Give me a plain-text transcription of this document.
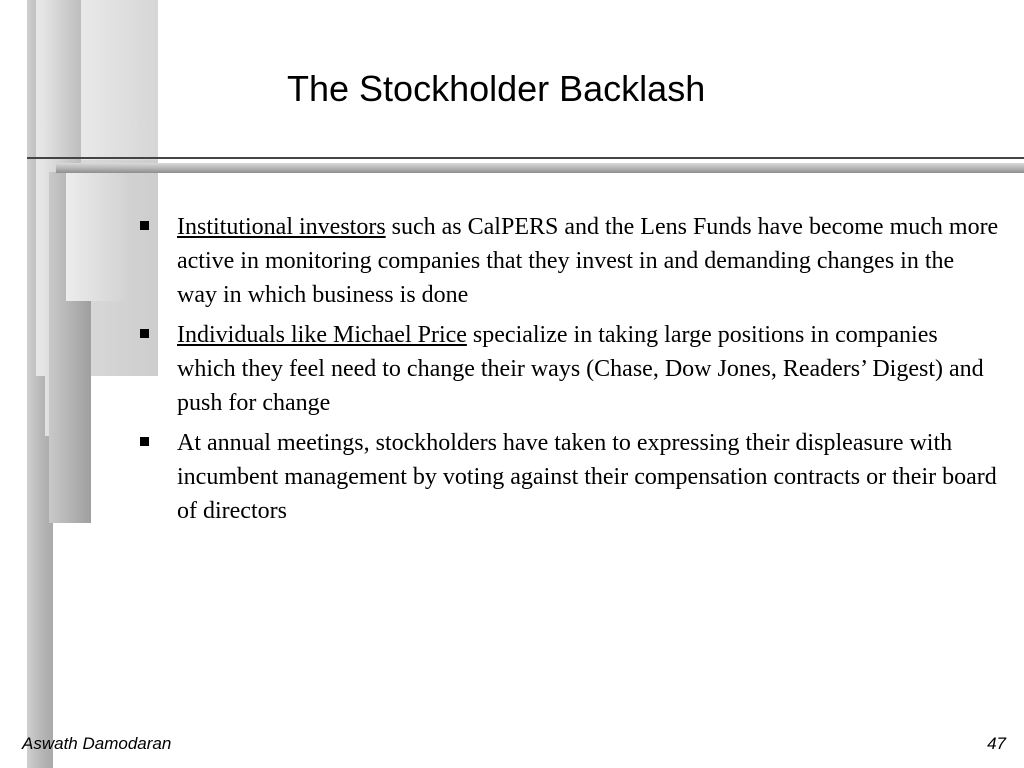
The Stockholder Backlash
Institutional investors such as CalPERS and the Lens Funds have become much more active in monitoring companies that they invest in and demanding changes in the way in which business is done
Individuals like Michael Price specialize in taking large positions in companies which they feel need to change their ways (Chase, Dow Jones, Readers’ Digest) and push for change
At annual meetings, stockholders have taken to expressing their displeasure with incumbent management by voting against their compensation contracts or their board of directors
Aswath Damodaran	47
